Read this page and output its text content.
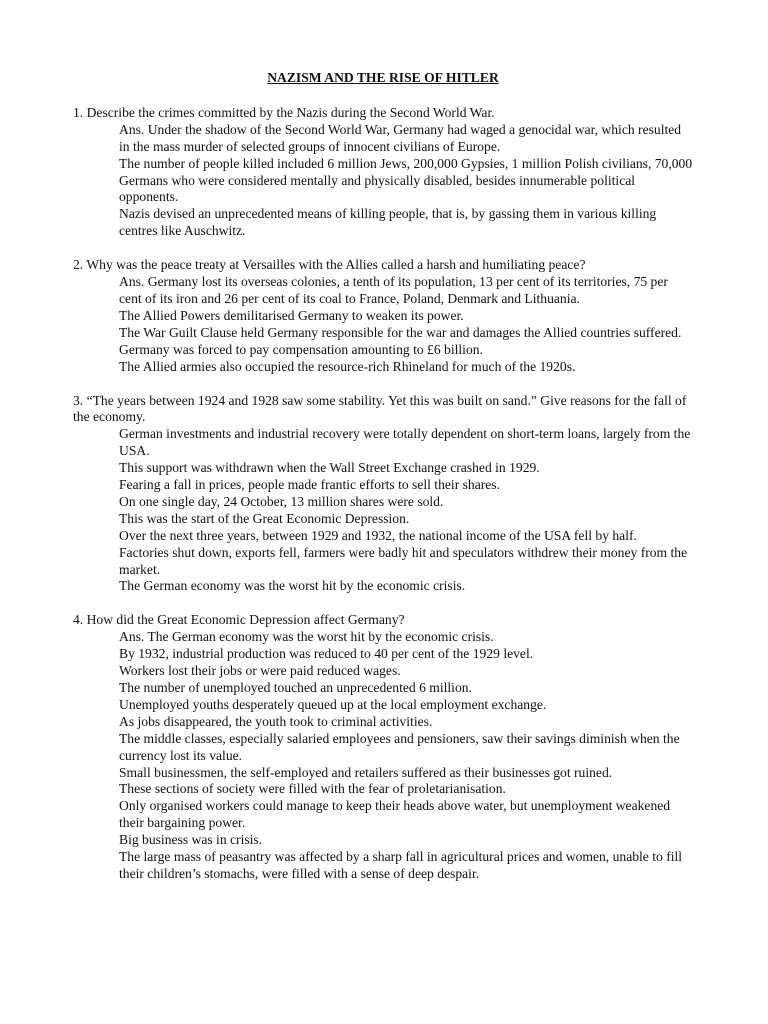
NAZISM AND THE RISE OF HITLER

1. Describe the crimes committed by the Nazis during the Second World War.

Ans. Under the shadow of the Second World War, Germany had waged a genocidal war, which resulted in the mass murder of selected groups of innocent civilians of Europe.

The number of people killed included 6 million Jews, 200,000 Gypsies, 1 million Polish civilians, 70,000 Germans who were considered mentally and physically disabled, besides innumerable political opponents.

Nazis devised an unprecedented means of killing people, that is, by gassing them in various killing centres like Auschwitz.

2. Why was the peace treaty at Versailles with the Allies called a harsh and humiliating peace?

Ans. Germany lost its overseas colonies, a tenth of its population, 13 per cent of its territories, 75 per cent of its iron and 26 per cent of its coal to France, Poland, Denmark and Lithuania.

The Allied Powers demilitarised Germany to weaken its power.

The War Guilt Clause held Germany responsible for the war and damages the Allied countries suffered.

Germany was forced to pay compensation amounting to £6 billion.

The Allied armies also occupied the resource-rich Rhineland for much of the 1920s.

3. “The years between 1924 and 1928 saw some stability. Yet this was built on sand.” Give reasons for the fall of the economy.

German investments and industrial recovery were totally dependent on short-term loans, largely from the USA.

This support was withdrawn when the Wall Street Exchange crashed in 1929.

Fearing a fall in prices, people made frantic efforts to sell their shares.

On one single day, 24 October, 13 million shares were sold.

This was the start of the Great Economic Depression.

Over the next three years, between 1929 and 1932, the national income of the USA fell by half.

Factories shut down, exports fell, farmers were badly hit and speculators withdrew their money from the market.

The German economy was the worst hit by the economic crisis.

4. How did the Great Economic Depression affect Germany?

Ans. The German economy was the worst hit by the economic crisis.

By 1932, industrial production was reduced to 40 per cent of the 1929 level.

Workers lost their jobs or were paid reduced wages.

The number of unemployed touched an unprecedented 6 million.

Unemployed youths desperately queued up at the local employment exchange.

As jobs disappeared, the youth took to criminal activities.

The middle classes, especially salaried employees and pensioners, saw their savings diminish when the currency lost its value.

Small businessmen, the self-employed and retailers suffered as their businesses got ruined.

These sections of society were filled with the fear of proletarianisation.

Only organised workers could manage to keep their heads above water, but unemployment weakened their bargaining power.

Big business was in crisis.

The large mass of peasantry was affected by a sharp fall in agricultural prices and women, unable to fill their children’s stomachs, were filled with a sense of deep despair.
